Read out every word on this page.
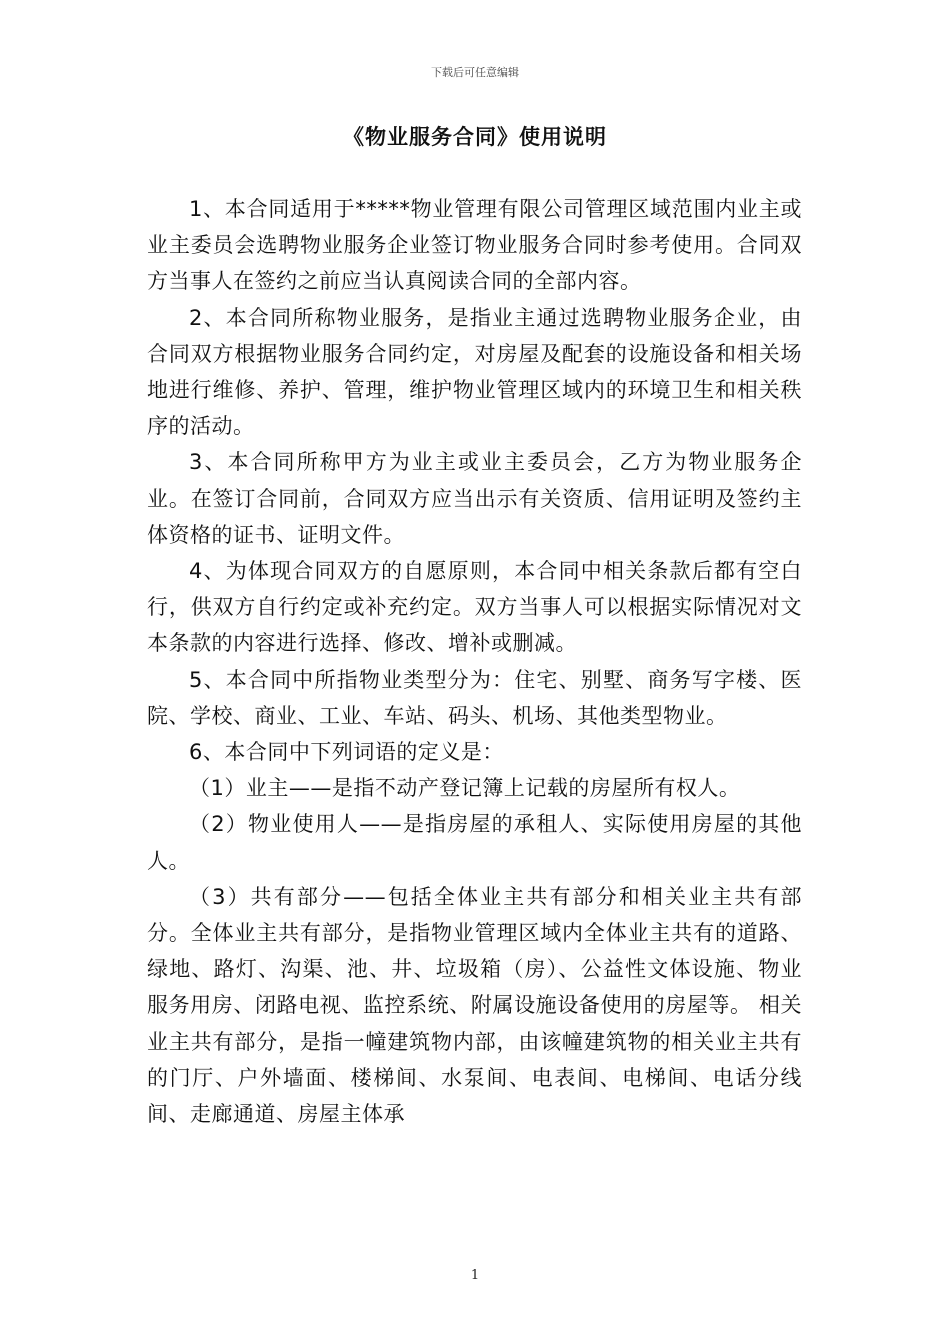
下载后可任意编辑
《物业服务合同》使用说明

1、本合同适用于*****物业管理有限公司管理区域范围内业主或业主委员会选聘物业服务企业签订物业服务合同时参考使用。合同双方当事人在签约之前应当认真阅读合同的全部内容。

2、本合同所称物业服务，是指业主通过选聘物业服务企业，由合同双方根据物业服务合同约定，对房屋及配套的设施设备和相关场地进行维修、养护、管理，维护物业管理区域内的环境卫生和相关秩序的活动。

3、本合同所称甲方为业主或业主委员会，乙方为物业服务企业。在签订合同前，合同双方应当出示有关资质、信用证明及签约主体资格的证书、证明文件。

4、为体现合同双方的自愿原则，本合同中相关条款后都有空白行，供双方自行约定或补充约定。双方当事人可以根据实际情况对文本条款的内容进行选择、修改、增补或删减。

5、本合同中所指物业类型分为：住宅、别墅、商务写字楼、医院、学校、商业、工业、车站、码头、机场、其他类型物业。

6、本合同中下列词语的定义是：

（1）业主——是指不动产登记簿上记载的房屋所有权人。

（2）物业使用人——是指房屋的承租人、实际使用房屋的其他人。

（3）共有部分——包括全体业主共有部分和相关业主共有部分。全体业主共有部分，是指物业管理区域内全体业主共有的道路、绿地、路灯、沟渠、池、井、垃圾箱（房）、公益性文体设施、物业服务用房、闭路电视、监控系统、附属设施设备使用的房屋等。 相关业主共有部分，是指一幢建筑物内部，由该幢建筑物的相关业主共有的门厅、户外墙面、楼梯间、水泵间、电表间、电梯间、电话分线间、走廊通道、房屋主体承

1
